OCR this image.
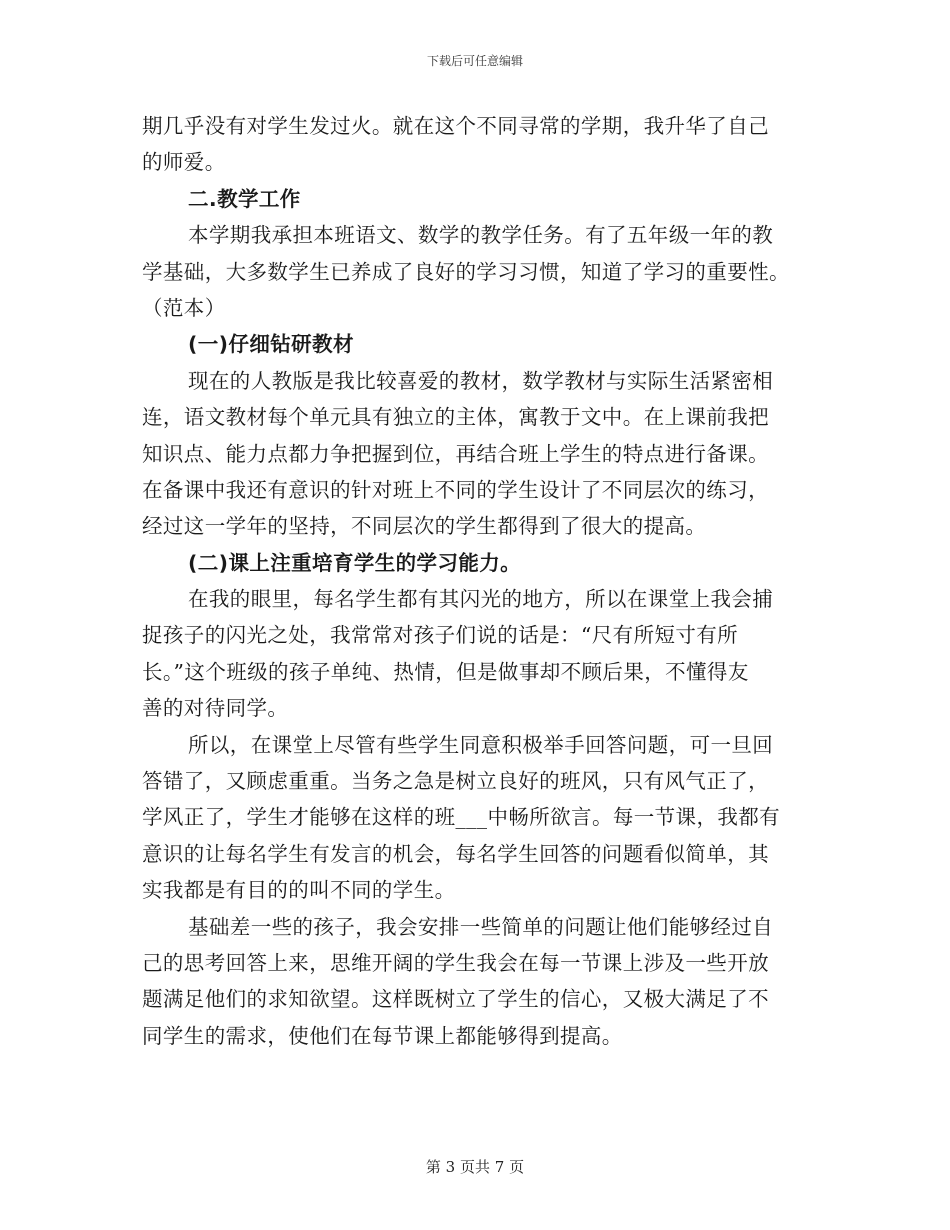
下载后可任意编辑
期几乎没有对学生发过火。就在这个不同寻常的学期，我升华了自己
的师爱。
二.教学工作
本学期我承担本班语文、数学的教学任务。有了五年级一年的教
学基础，大多数学生已养成了良好的学习习惯，知道了学习的重要性。
（范本）
(一)仔细钻研教材
现在的人教版是我比较喜爱的教材，数学教材与实际生活紧密相
连，语文教材每个单元具有独立的主体，寓教于文中。在上课前我把
知识点、能力点都力争把握到位，再结合班上学生的特点进行备课。
在备课中我还有意识的针对班上不同的学生设计了不同层次的练习，
经过这一学年的坚持，不同层次的学生都得到了很大的提高。
(二)课上注重培育学生的学习能力。
在我的眼里，每名学生都有其闪光的地方，所以在课堂上我会捕
捉孩子的闪光之处，我常常对孩子们说的话是：“尺有所短寸有所
长。”这个班级的孩子单纯、热情，但是做事却不顾后果，不懂得友
善的对待同学。
所以，在课堂上尽管有些学生同意积极举手回答问题，可一旦回
答错了，又顾虑重重。当务之急是树立良好的班风，只有风气正了，
学风正了，学生才能够在这样的班___中畅所欲言。每一节课，我都有
意识的让每名学生有发言的机会，每名学生回答的问题看似简单，其
实我都是有目的的叫不同的学生。
基础差一些的孩子，我会安排一些简单的问题让他们能够经过自
己的思考回答上来，思维开阔的学生我会在每一节课上涉及一些开放
题满足他们的求知欲望。这样既树立了学生的信心，又极大满足了不
同学生的需求，使他们在每节课上都能够得到提高。
第 3 页共 7 页
